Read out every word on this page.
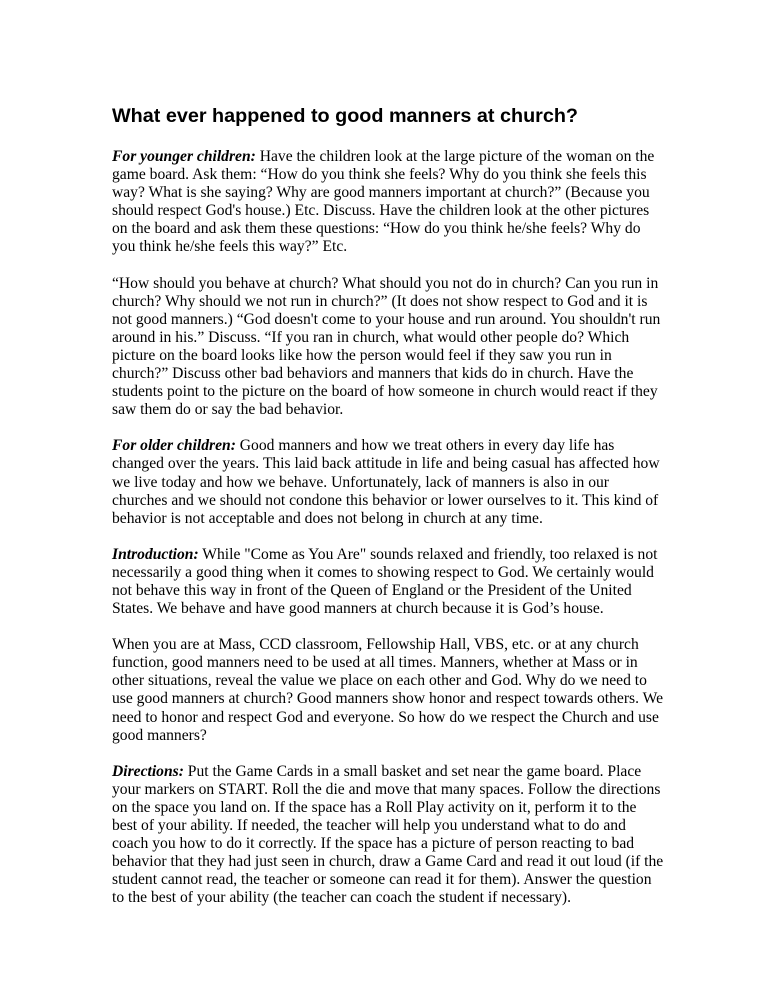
What ever happened to good manners at church?

For younger children: Have the children look at the large picture of the woman on the game board. Ask them: “How do you think she feels? Why do you think she feels this way? What is she saying? Why are good manners important at church?” (Because you should respect God's house.) Etc. Discuss. Have the children look at the other pictures on the board and ask them these questions: “How do you think he/she feels? Why do you think he/she feels this way?” Etc.

“How should you behave at church? What should you not do in church? Can you run in church? Why should we not run in church?” (It does not show respect to God and it is not good manners.) “God doesn't come to your house and run around. You shouldn't run around in his.” Discuss. “If you ran in church, what would other people do? Which picture on the board looks like how the person would feel if they saw you run in church?” Discuss other bad behaviors and manners that kids do in church. Have the students point to the picture on the board of how someone in church would react if they saw them do or say the bad behavior.

For older children: Good manners and how we treat others in every day life has changed over the years. This laid back attitude in life and being casual has affected how we live today and how we behave. Unfortunately, lack of manners is also in our churches and we should not condone this behavior or lower ourselves to it. This kind of behavior is not acceptable and does not belong in church at any time.

Introduction: While "Come as You Are" sounds relaxed and friendly, too relaxed is not necessarily a good thing when it comes to showing respect to God. We certainly would not behave this way in front of the Queen of England or the President of the United States. We behave and have good manners at church because it is God’s house.

When you are at Mass, CCD classroom, Fellowship Hall, VBS, etc. or at any church function, good manners need to be used at all times. Manners, whether at Mass or in other situations, reveal the value we place on each other and God. Why do we need to use good manners at church? Good manners show honor and respect towards others. We need to honor and respect God and everyone. So how do we respect the Church and use good manners?

Directions: Put the Game Cards in a small basket and set near the game board. Place your markers on START. Roll the die and move that many spaces. Follow the directions on the space you land on. If the space has a Roll Play activity on it, perform it to the best of your ability. If needed, the teacher will help you understand what to do and coach you how to do it correctly. If the space has a picture of person reacting to bad behavior that they had just seen in church, draw a Game Card and read it out loud (if the student cannot read, the teacher or someone can read it for them). Answer the question to the best of your ability (the teacher can coach the student if necessary).
